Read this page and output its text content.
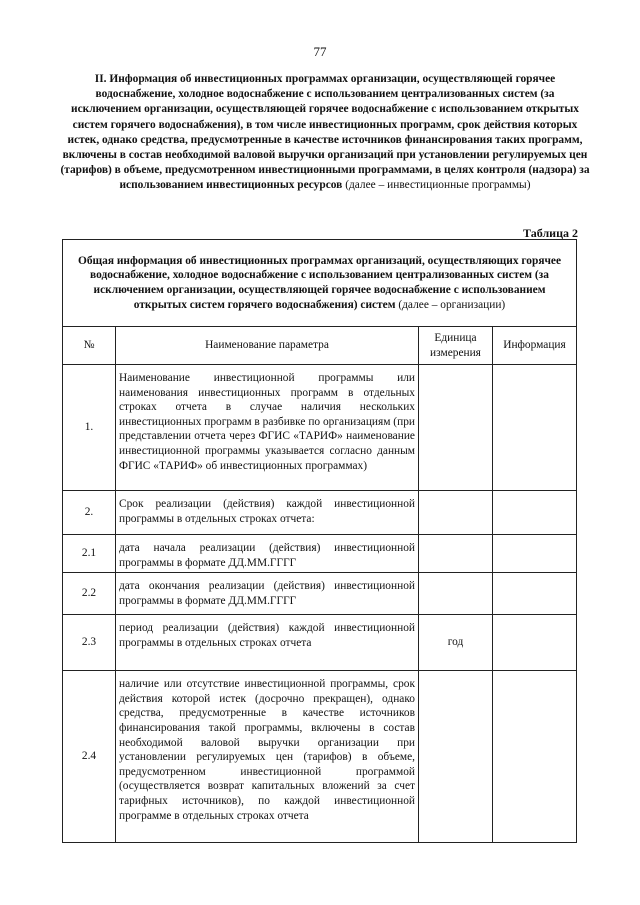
77
II. Информация об инвестиционных программах организации, осуществляющей горячее водоснабжение, холодное водоснабжение с использованием централизованных систем (за исключением организации, осуществляющей горячее водоснабжение с использованием открытых систем горячего водоснабжения), в том числе инвестиционных программ, срок действия которых истек, однако средства, предусмотренные в качестве источников финансирования таких программ, включены в состав необходимой валовой выручки организаций при установлении регулируемых цен (тарифов) в объеме, предусмотренном инвестиционными программами, в целях контроля (надзора) за использованием инвестиционных ресурсов (далее – инвестиционные программы)
Таблица 2
Общая информация об инвестиционных программах организаций, осуществляющих горячее водоснабжение, холодное водоснабжение с использованием централизованных систем (за исключением организации, осуществляющей горячее водоснабжение с использованием открытых систем горячего водоснабжения) систем (далее – организации)			
№	Наименование параметра	Единица измерения	Информация
1.	Наименование инвестиционной программы или наименования инвестиционных программ в отдельных строках отчета в случае наличия нескольких инвестиционных программ в разбивке по организациям (при представлении отчета через ФГИС «ТАРИФ» наименование инвестиционной программы указывается согласно данным ФГИС «ТАРИФ» об инвестиционных программах)		
2.	Срок реализации (действия) каждой инвестиционной программы в отдельных строках отчета:		
2.1	дата начала реализации (действия) инвестиционной программы в формате ДД.ММ.ГГГГ		
2.2	дата окончания реализации (действия) инвестиционной программы в формате ДД.ММ.ГГГГ		
2.3	период реализации (действия) каждой инвестиционной программы в отдельных строках отчета	год	
2.4	наличие или отсутствие инвестиционной программы, срок действия которой истек (досрочно прекращен), однако средства, предусмотренные в качестве источников финансирования такой программы, включены в состав необходимой валовой выручки организации при установлении регулируемых цен (тарифов) в объеме, предусмотренном инвестиционной программой (осуществляется возврат капитальных вложений за счет тарифных источников), по каждой инвестиционной программе в отдельных строках отчета		
